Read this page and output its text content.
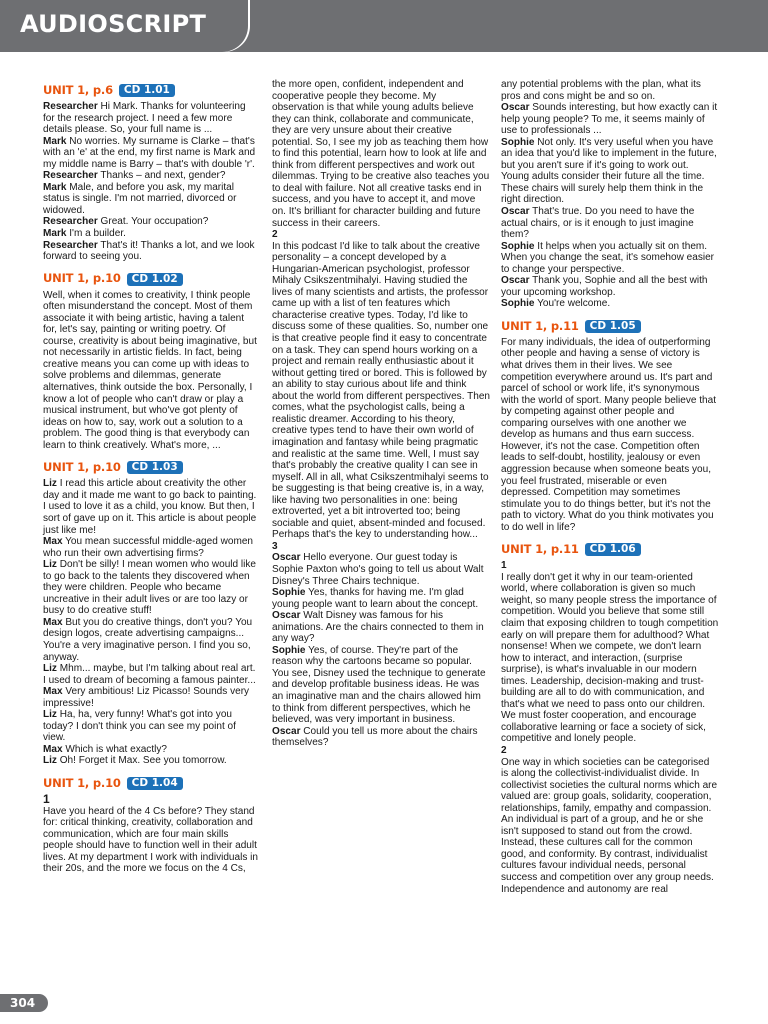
AUDIOSCRIPT
UNIT 1, p.6	CD 1.01

Researcher Hi Mark. Thanks for volunteering for the research project. I need a few more details please. So, your full name is ...

Mark No worries. My surname is Clarke – that's with an 'e' at the end, my first name is Mark and my middle name is Barry – that's with double 'r'.

Researcher Thanks – and next, gender?

Mark Male, and before you ask, my marital status is single. I'm not married, divorced or widowed.

Researcher Great. Your occupation?

Mark I'm a builder.

Researcher That's it! Thanks a lot, and we look forward to seeing you.

UNIT 1, p.10	CD 1.02

Well, when it comes to creativity, I think people often misunderstand the concept. Most of them associate it with being artistic, having a talent for, let's say, painting or writing poetry. Of course, creativity is about being imaginative, but not necessarily in artistic fields. In fact, being creative means you can come up with ideas to solve problems and dilemmas, generate alternatives, think outside the box. Personally, I know a lot of people who can't draw or play a musical instrument, but who've got plenty of ideas on how to, say, work out a solution to a problem. The good thing is that everybody can learn to think creatively. What's more, ...

UNIT 1, p.10	CD 1.03

Liz I read this article about creativity the other day and it made me want to go back to painting. I used to love it as a child, you know. But then, I sort of gave up on it. This article is about people just like me!

Max You mean successful middle-aged women who run their own advertising firms?

Liz Don't be silly! I mean women who would like to go back to the talents they discovered when they were children. People who became uncreative in their adult lives or are too lazy or busy to do creative stuff!

Max But you do creative things, don't you? You design logos, create advertising campaigns... You're a very imaginative person. I find you so, anyway.

Liz Mhm... maybe, but I'm talking about real art. I used to dream of becoming a famous painter...

Max Very ambitious! Liz Picasso! Sounds very impressive!

Liz Ha, ha, very funny! What's got into you today? I don't think you can see my point of view.

Max Which is what exactly?

Liz Oh! Forget it Max. See you tomorrow.

UNIT 1, p.10	CD 1.04

1

Have you heard of the 4 Cs before? They stand for: critical thinking, creativity, collaboration and communication, which are four main skills people should have to function well in their adult lives. At my department I work with individuals in their 20s, and the more we focus on the 4 Cs,

the more open, confident, independent and cooperative people they become. My observation is that while young adults believe they can think, collaborate and communicate, they are very unsure about their creative potential. So, I see my job as teaching them how to find this potential, learn how to look at life and think from different perspectives and work out dilemmas. Trying to be creative also teaches you to deal with failure. Not all creative tasks end in success, and you have to accept it, and move on. It's brilliant for character building and future success in their careers.

2

In this podcast I'd like to talk about the creative personality – a concept developed by a Hungarian-American psychologist, professor Mihaly Csikszentmihalyi. Having studied the lives of many scientists and artists, the professor came up with a list of ten features which characterise creative types. Today, I'd like to discuss some of these qualities. So, number one is that creative people find it easy to concentrate on a task. They can spend hours working on a project and remain really enthusiastic about it without getting tired or bored. This is followed by an ability to stay curious about life and think about the world from different perspectives. Then comes, what the psychologist calls, being a realistic dreamer. According to his theory, creative types tend to have their own world of imagination and fantasy while being pragmatic and realistic at the same time. Well, I must say that's probably the creative quality I can see in myself. All in all, what Csikszentmihalyi seems to be suggesting is that being creative is, in a way, like having two personalities in one: being extroverted, yet a bit introverted too; being sociable and quiet, absent-minded and focused. Perhaps that's the key to understanding how...

3

Oscar Hello everyone. Our guest today is Sophie Paxton who's going to tell us about Walt Disney's Three Chairs technique.

Sophie Yes, thanks for having me. I'm glad young people want to learn about the concept.

Oscar Walt Disney was famous for his animations. Are the chairs connected to them in any way?

Sophie Yes, of course. They're part of the reason why the cartoons became so popular. You see, Disney used the technique to generate and develop profitable business ideas. He was an imaginative man and the chairs allowed him to think from different perspectives, which he believed, was very important in business.

Oscar Could you tell us more about the chairs themselves?

any potential problems with the plan, what its pros and cons might be and so on.

Oscar Sounds interesting, but how exactly can it help young people? To me, it seems mainly of use to professionals ...

Sophie Not only. It's very useful when you have an idea that you'd like to implement in the future, but you aren't sure if it's going to work out. Young adults consider their future all the time. These chairs will surely help them think in the right direction.

Oscar That's true. Do you need to have the actual chairs, or is it enough to just imagine them?

Sophie It helps when you actually sit on them. When you change the seat, it's somehow easier to change your perspective.

Oscar Thank you, Sophie and all the best with your upcoming workshop.

Sophie You're welcome.

UNIT 1, p.11	CD 1.05

For many individuals, the idea of outperforming other people and having a sense of victory is what drives them in their lives. We see competition everywhere around us. It's part and parcel of school or work life, it's synonymous with the world of sport. Many people believe that by competing against other people and comparing ourselves with one another we develop as humans and thus earn success. However, it's not the case. Competition often leads to self-doubt, hostility, jealousy or even aggression because when someone beats you, you feel frustrated, miserable or even depressed. Competition may sometimes stimulate you to do things better, but it's not the path to victory. What do you think motivates you to do well in life?

UNIT 1, p.11	CD 1.06

1

I really don't get it why in our team-oriented world, where collaboration is given so much weight, so many people stress the importance of competition. Would you believe that some still claim that exposing children to tough competition early on will prepare them for adulthood? What nonsense! When we compete, we don't learn how to interact, and interaction, (surprise surprise), is what's invaluable in our modern times. Leadership, decision-making and trust-building are all to do with communication, and that's what we need to pass onto our children. We must foster cooperation, and encourage collaborative learning or face a society of sick, competitive and lonely people.

2

One way in which societies can be categorised is along the collectivist-individualist divide. In collectivist societies the cultural norms which are valued are: group goals, solidarity, cooperation, relationships, family, empathy and compassion. An individual is part of a group, and he or she isn't supposed to stand out from the crowd. Instead, these cultures call for the common good, and conformity. By contrast, individualist cultures favour individual needs, personal success and competition over any group needs. Independence and autonomy are real

304
